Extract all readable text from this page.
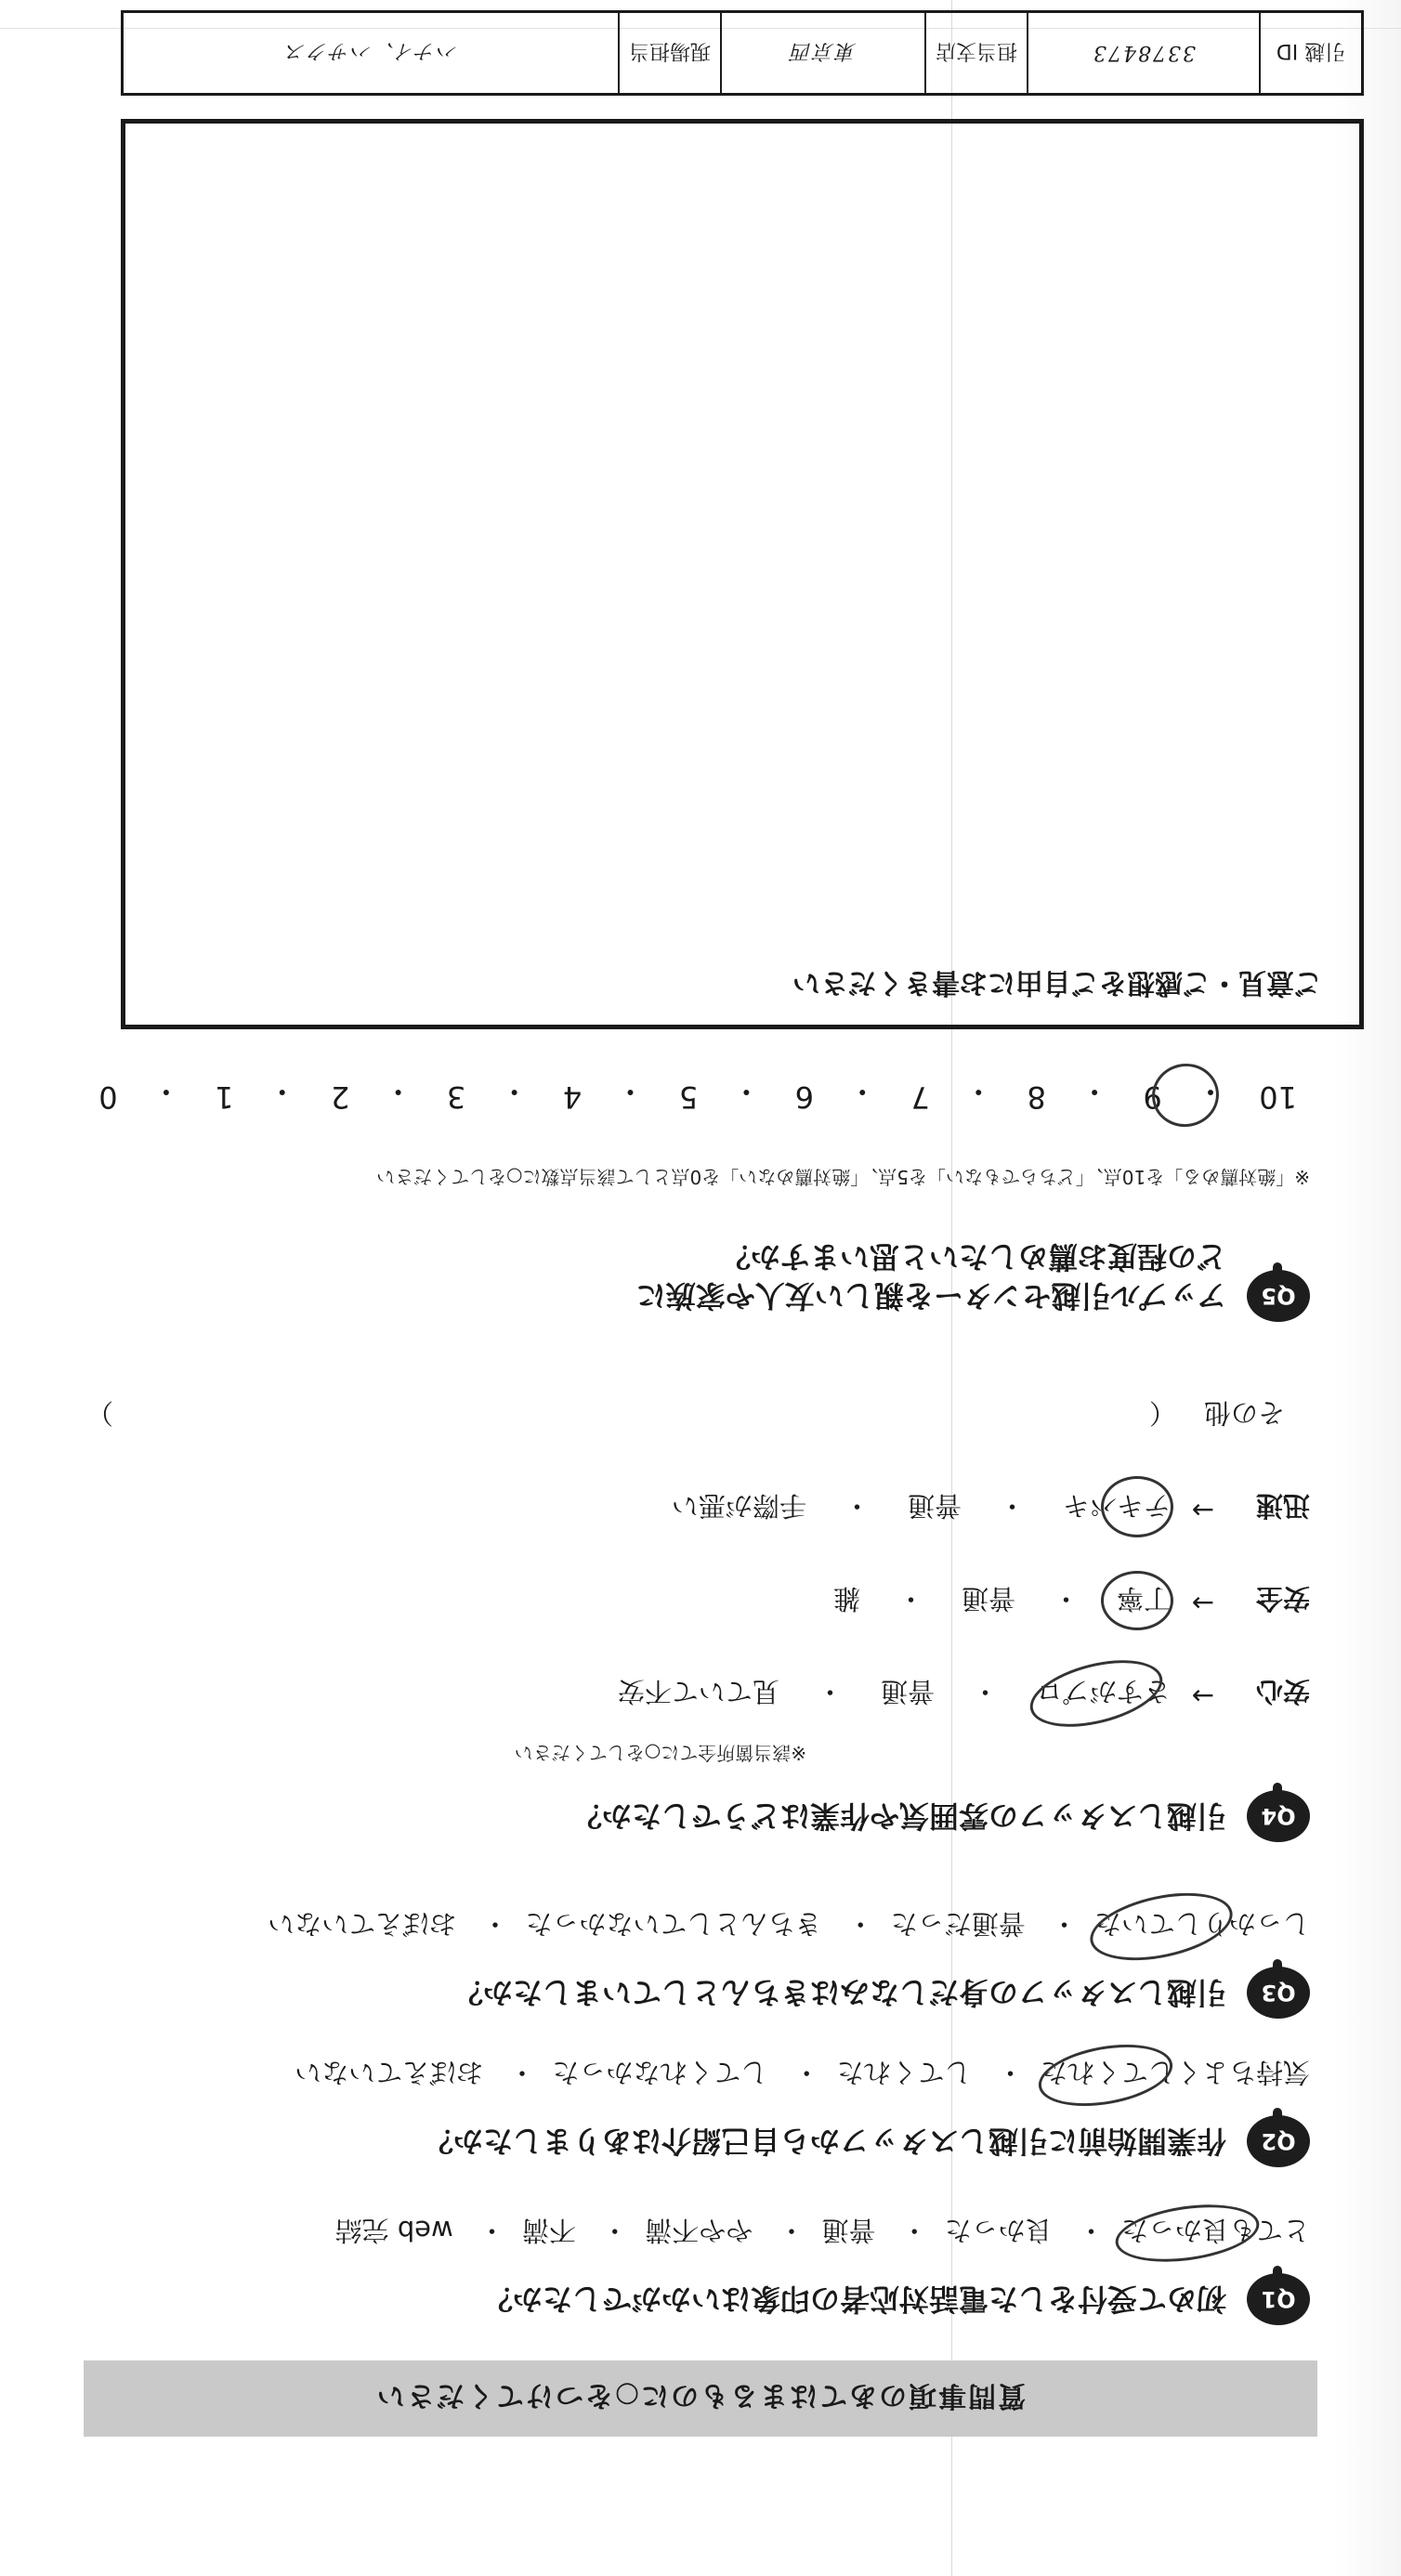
質問事項のあてはまるものに○をつけてください
Q1
初めて受付をした電話対応者の印象はいかがでしたか？
とても良かった・ 良かった・ 普通・ やや不満・ 不満・ web 完結
Q2
作業開始前に引越しスタッフから自己紹介はありましたか？
気持ちよくしてくれた・ してくれた・ してくれなかった・ おぼえていない
Q3
引越しスタッフの身だしなみはきちんとしていましたか？
しっかりしていた・ 普通だった・ きちんとしていなかった・ おぼえていない
Q4
引越しスタッフの雰囲気や作業はどうでしたか？
※該当箇所全てに○をしてください
安心
→
さすがプロ
・
普通
・
見ていて不安
安全
→
丁寧
・
普通
・
雑
迅速
→
テキパキ
・
普通
・
手際が悪い
その他
（
）
Q5
アップル引越センターを親しい友人や家族に
どの程度お薦めしたいと思いますか？
※「絶対薦める」を10点、「どちらでもない」を5点、「絶対薦めない」を0点として該当点数に○をしてください
10
・
9
・
8
・
7
・
6
・
5
・
4
・
3
・
2
・
1
・
0
ご意見・ご感想をご自由にお書きください
引越 ID
3378473
担当支店
東京西
現場担当
ハナイ、ハサクス
